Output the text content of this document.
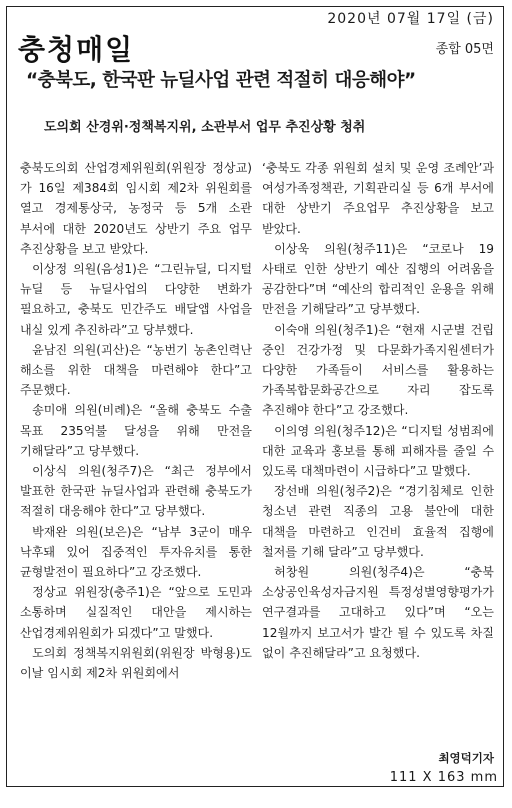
2020년 07월 17일 (금)
충청매일	종합 05면
“충북도, 한국판 뉴딜사업 관련 적절히 대응해야”
도의회 산경위·정책복지위, 소관부서 업무 추진상황 청취

충북도의회 산업경제위원회(위원장 정상교)가 16일 제384회 임시회 제2차 위원회를 열고 경제통상국, 농정국 등 5개 소관 부서에 대한 2020년도 상반기 주요 업무 추진상황을 보고 받았다.

이상정 의원(음성1)은 “그린뉴딜, 디지털 뉴딜 등 뉴딜사업의 다양한 변화가 필요하고, 충북도 민간주도 배달앱 사업을 내실 있게 추진하라”고 당부했다.

윤남진 의원(괴산)은 “농번기 농촌인력난 해소를 위한 대책을 마련해야 한다”고 주문했다.

송미애 의원(비례)은 “올해 충북도 수출 목표 235억불 달성을 위해 만전을 기해달라”고 당부했다.

이상식 의원(청주7)은 “최근 정부에서 발표한 한국판 뉴딜사업과 관련해 충북도가 적절히 대응해야 한다”고 당부했다.

박재완 의원(보은)은 “남부 3군이 매우 낙후돼 있어 집중적인 투자유치를 통한 균형발전이 필요하다”고 강조했다.

정상교 위원장(충주1)은 “앞으로 도민과 소통하며 실질적인 대안을 제시하는 산업경제위원회가 되겠다”고 말했다.

도의회 정책복지위원회(위원장 박형용)도 이날 임시회 제2차 위원회에서

‘충북도 각종 위원회 설치 및 운영 조례안’과 여성가족정책관, 기획관리실 등 6개 부서에 대한 상반기 주요업무 추진상황을 보고 받았다.

이상욱 의원(청주11)은 “코로나 19 사태로 인한 상반기 예산 집행의 어려움을 공감한다”며 “예산의 합리적인 운용을 위해 만전을 기해달라”고 당부했다.

이숙애 의원(청주1)은 “현재 시군별 건립 중인 건강가정 및 다문화가족지원센터가 다양한 가족들이 서비스를 활용하는 가족복합문화공간으로 자리 잡도록 추진해야 한다”고 강조했다.

이의영 의원(청주12)은 “디지털 성범죄에 대한 교육과 홍보를 통해 피해자를 줄일 수 있도록 대책마련이 시급하다”고 말했다.

장선배 의원(청주2)은 “경기침체로 인한 청소년 관련 직종의 고용 불안에 대한 대책을 마련하고 인건비 효율적 집행에 철저를 기해 달라”고 당부했다.

허창원 의원(청주4)은 “충북 소상공인육성자금지원 특정성별영향평가가 연구결과를 고대하고 있다”며 “오는 12월까지 보고서가 발간 될 수 있도록 차질 없이 추진해달라”고 요청했다.

최영덕기자
111 X 163 mm
